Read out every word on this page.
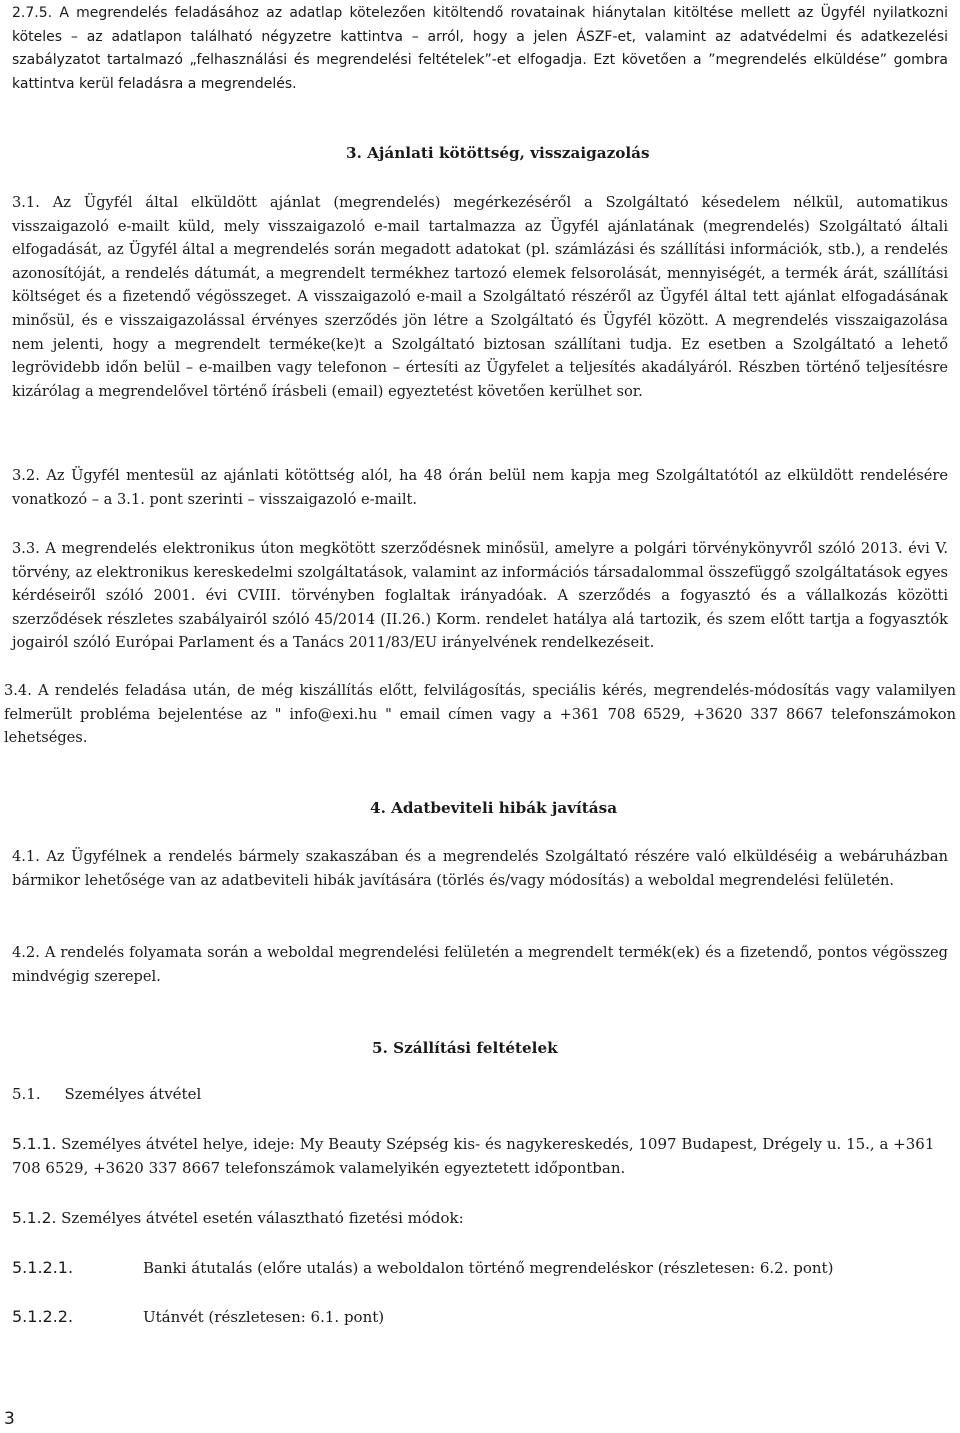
2.7.5. A megrendelés feladásához az adatlap kötelezően kitöltendő rovatainak hiánytalan kitöltése mellett az Ügyfél nyilatkozni köteles – az adatlapon található négyzetre kattintva – arról, hogy a jelen ÁSZF-et, valamint az adatvédelmi és adatkezelési szabályzatot tartalmazó „felhasználási és megrendelési feltételek”-et elfogadja. Ezt követően a ”megrendelés elküldése” gombra kattintva kerül feladásra a megrendelés.

3. Ajánlati kötöttség, visszaigazolás

3.1. Az Ügyfél által elküldött ajánlat (megrendelés) megérkezéséről a Szolgáltató késedelem nélkül, automatikus visszaigazoló e-mailt küld, mely visszaigazoló e-mail tartalmazza az Ügyfél ajánlatának (megrendelés) Szolgáltató általi elfogadását, az Ügyfél által a megrendelés során megadott adatokat (pl. számlázási és szállítási információk, stb.), a rendelés azonosítóját, a rendelés dátumát, a megrendelt termékhez tartozó elemek felsorolását, mennyiségét, a termék árát, szállítási költséget és a fizetendő végösszeget. A visszaigazoló e-mail a Szolgáltató részéről az Ügyfél által tett ajánlat elfogadásának minősül, és e visszaigazolással érvényes szerződés jön létre a Szolgáltató és Ügyfél között. A megrendelés visszaigazolása nem jelenti, hogy a megrendelt terméke(ke)t a Szolgáltató biztosan szállítani tudja. Ez esetben a Szolgáltató a lehető legrövidebb időn belül – e-mailben vagy telefonon – értesíti az Ügyfelet a teljesítés akadályáról. Részben történő teljesítésre kizárólag a megrendelővel történő írásbeli (email) egyeztetést követően kerülhet sor.

3.2. Az Ügyfél mentesül az ajánlati kötöttség alól, ha 48 órán belül nem kapja meg Szolgáltatótól az elküldött rendelésére vonatkozó – a 3.1. pont szerinti – visszaigazoló e-mailt.

3.3. A megrendelés elektronikus úton megkötött szerződésnek minősül, amelyre a polgári törvénykönyvről szóló 2013. évi V. törvény, az elektronikus kereskedelmi szolgáltatások, valamint az információs társadalommal összefüggő szolgáltatások egyes kérdéseiről szóló 2001. évi CVIII. törvényben foglaltak irányadóak. A szerződés a fogyasztó és a vállalkozás közötti szerződések részletes szabályairól szóló 45/2014 (II.26.) Korm. rendelet hatálya alá tartozik, és szem előtt tartja a fogyasztók jogairól szóló Európai Parlament és a Tanács 2011/83/EU irányelvének rendelkezéseit.

3.4. A rendelés feladása után, de még kiszállítás előtt, felvilágosítás, speciális kérés, megrendelés-módosítás vagy valamilyen felmerült probléma bejelentése az " info@exi.hu " email címen vagy a +361 708 6529, +3620 337 8667 telefonszámokon lehetséges.

4. Adatbeviteli hibák javítása

4.1. Az Ügyfélnek a rendelés bármely szakaszában és a megrendelés Szolgáltató részére való elküldéséig a webáruházban bármikor lehetősége van az adatbeviteli hibák javítására (törlés és/vagy módosítás) a weboldal megrendelési felületén.

4.2. A rendelés folyamata során a weboldal megrendelési felületén a megrendelt termék(ek) és a fizetendő, pontos végösszeg mindvégig szerepel.

5. Szállítási feltételek

5.1. Személyes átvétel

5.1.1. Személyes átvétel helye, ideje: My Beauty Szépség kis- és nagykereskedés, 1097 Budapest, Drégely u. 15., a +361

708 6529, +3620 337 8667 telefonszámok valamelyikén egyeztetett időpontban.

5.1.2. Személyes átvétel esetén választható fizetési módok:

5.1.2.1.	Banki átutalás (előre utalás) a weboldalon történő megrendeléskor (részletesen: 6.2. pont)
5.1.2.2.	Utánvét (részletesen: 6.1. pont)
3
